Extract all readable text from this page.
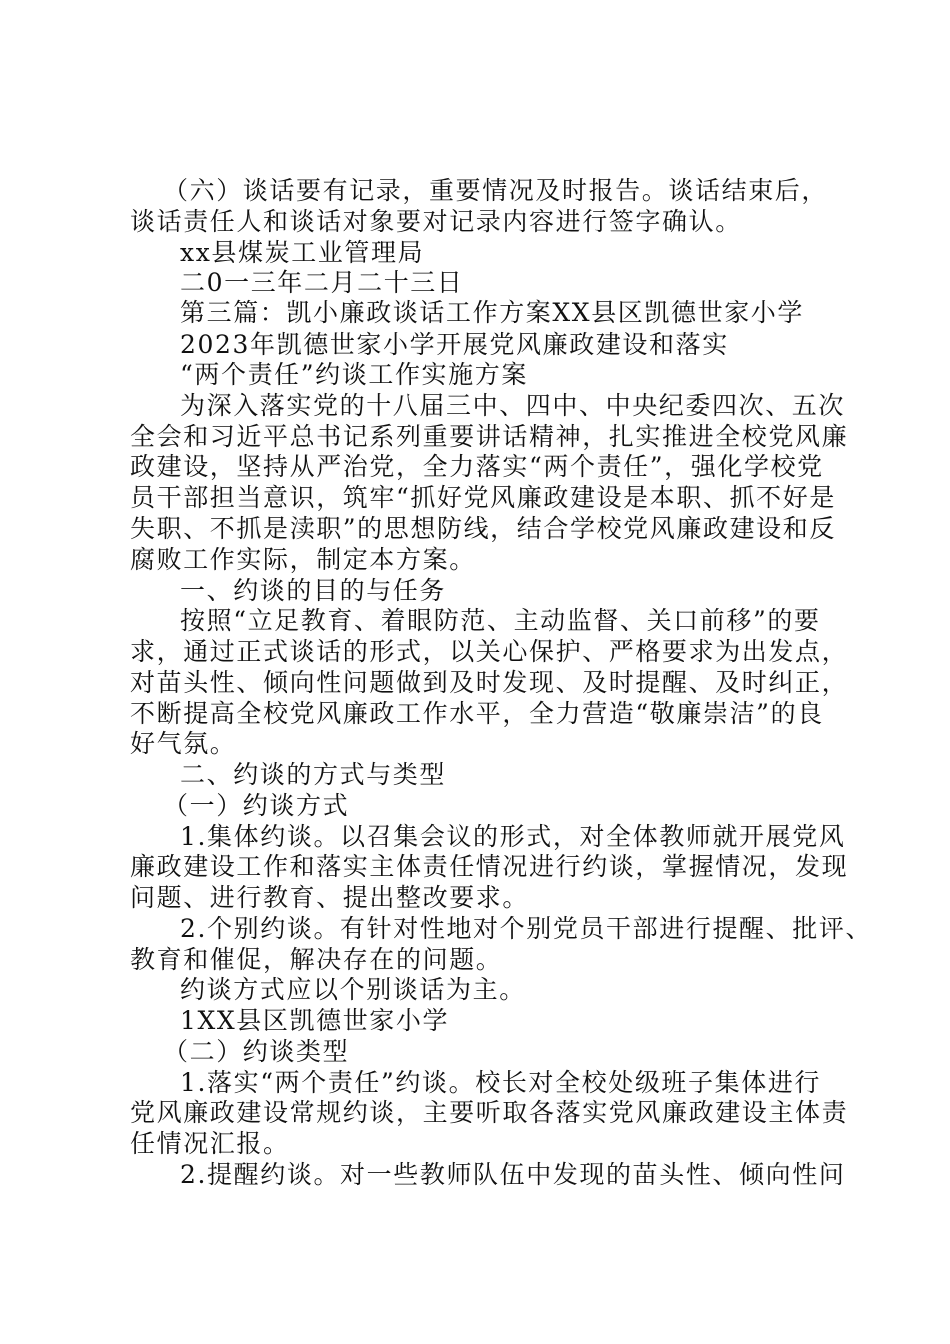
（六）谈话要有记录，重要情况及时报告。谈话结束后，
谈话责任人和谈话对象要对记录内容进行签字确认。
xx县煤炭工业管理局
二0一三年二月二十三日
第三篇：凯小廉政谈话工作方案XX县区凯德世家小学
2023年凯德世家小学开展党风廉政建设和落实
“两个责任”约谈工作实施方案
为深入落实党的十八届三中、四中、中央纪委四次、五次
全会和习近平总书记系列重要讲话精神，扎实推进全校党风廉
政建设，坚持从严治党，全力落实“两个责任”，强化学校党
员干部担当意识，筑牢“抓好党风廉政建设是本职、抓不好是
失职、不抓是渎职”的思想防线，结合学校党风廉政建设和反
腐败工作实际，制定本方案。
一、约谈的目的与任务
按照“立足教育、着眼防范、主动监督、关口前移”的要
求，通过正式谈话的形式，以关心保护、严格要求为出发点，
对苗头性、倾向性问题做到及时发现、及时提醒、及时纠正，
不断提高全校党风廉政工作水平，全力营造“敬廉崇洁”的良
好气氛。
二、约谈的方式与类型
（一）约谈方式
1.集体约谈。以召集会议的形式，对全体教师就开展党风
廉政建设工作和落实主体责任情况进行约谈，掌握情况，发现
问题、进行教育、提出整改要求。
2.个别约谈。有针对性地对个别党员干部进行提醒、批评、
教育和催促，解决存在的问题。
约谈方式应以个别谈话为主。
1XX县区凯德世家小学
（二）约谈类型
1.落实“两个责任”约谈。校长对全校处级班子集体进行
党风廉政建设常规约谈，主要听取各落实党风廉政建设主体责
任情况汇报。
2.提醒约谈。对一些教师队伍中发现的苗头性、倾向性问
